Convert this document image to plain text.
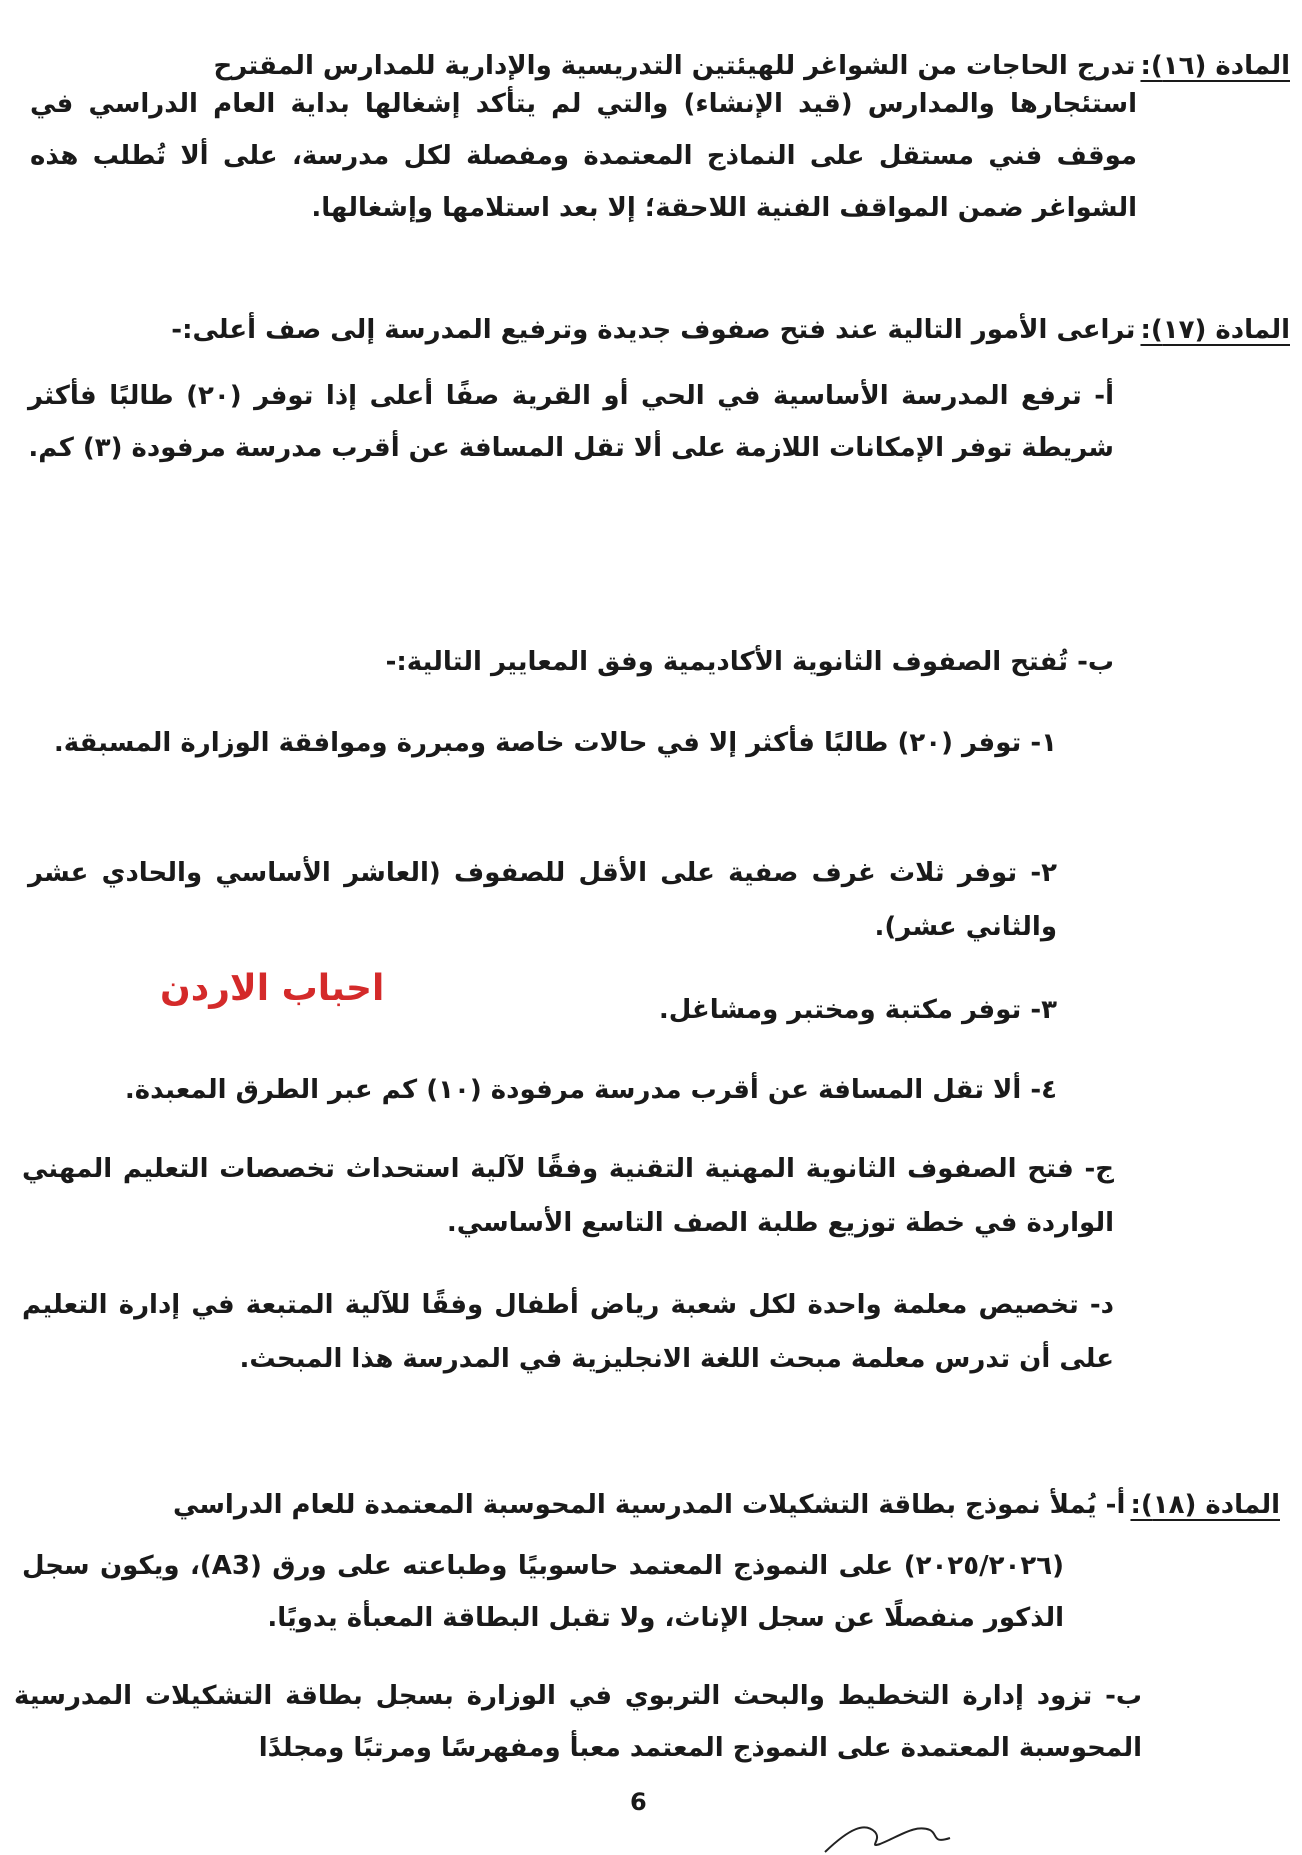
المادة (١٦): تدرج الحاجات من الشواغر للهيئتين التدريسية والإدارية للمدارس المقترح
استئجارها والمدارس (قيد الإنشاء) والتي لم يتأكد إشغالها بداية العام الدراسي في موقف فني مستقل على النماذج المعتمدة ومفصلة لكل مدرسة، على ألا تُطلب هذه الشواغر ضمن المواقف الفنية اللاحقة؛ إلا بعد استلامها وإشغالها.
المادة (١٧): تراعى الأمور التالية عند فتح صفوف جديدة وترفيع المدرسة إلى صف أعلى:-
أ- ترفع المدرسة الأساسية في الحي أو القرية صفًا أعلى إذا توفر (٢٠) طالبًا فأكثر شريطة توفر الإمكانات اللازمة على ألا تقل المسافة عن أقرب مدرسة مرفودة (٣) كم.
ب- تُفتح الصفوف الثانوية الأكاديمية وفق المعايير التالية:-
١- توفر (٢٠) طالبًا فأكثر إلا في حالات خاصة ومبررة وموافقة الوزارة المسبقة.
٢- توفر ثلاث غرف صفية على الأقل للصفوف (العاشر الأساسي والحادي عشر والثاني عشر).
٣- توفر مكتبة ومختبر ومشاغل.
٤- ألا تقل المسافة عن أقرب مدرسة مرفودة (١٠) كم عبر الطرق المعبدة.
ج- فتح الصفوف الثانوية المهنية التقنية وفقًا لآلية استحداث تخصصات التعليم المهني الواردة في خطة توزيع طلبة الصف التاسع الأساسي.
د- تخصيص معلمة واحدة لكل شعبة رياض أطفال وفقًا للآلية المتبعة في إدارة التعليم على أن تدرس معلمة مبحث اللغة الانجليزية في المدرسة هذا المبحث.
المادة (١٨): أ- يُملأ نموذج بطاقة التشكيلات المدرسية المحوسبة المعتمدة للعام الدراسي
(٢٠٢٥/٢٠٢٦) على النموذج المعتمد حاسوبيًا وطباعته على ورق (A3)، ويكون سجل الذكور منفصلًا عن سجل الإناث، ولا تقبل البطاقة المعبأة يدويًا.
ب- تزود إدارة التخطيط والبحث التربوي في الوزارة بسجل بطاقة التشكيلات المدرسية المحوسبة المعتمدة على النموذج المعتمد معبأ ومفهرسًا ومرتبًا ومجلدًا
احباب الاردن
6
